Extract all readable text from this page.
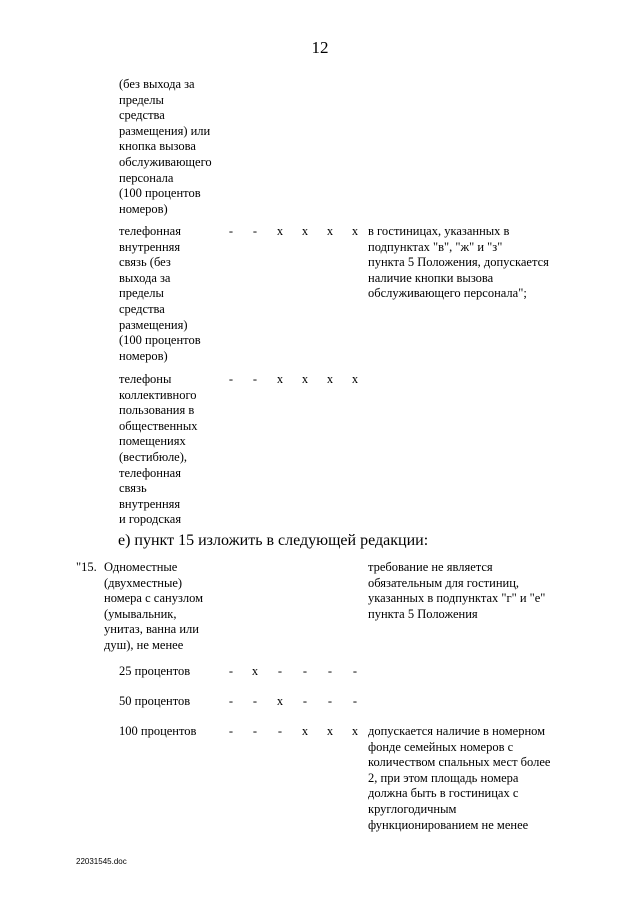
12
(без выхода за
пределы
средства
размещения) или
кнопка вызова
обслуживающего
персонала
(100 процентов
номеров)
телефонная
внутренняя
связь (без
выхода за
пределы
средства
размещения)
(100 процентов
номеров)
-	-	x x x x в гостиницах, указанных в
подпунктах "в", "ж" и "з"
пункта 5 Положения, допускается
наличие кнопки вызова
обслуживающего персонала";
телефоны
коллективного
пользования в
общественных
помещениях
(вестибюле),
телефонная
связь
внутренняя
и городская
-	-	x x x x
е) пункт 15 изложить в следующей редакции:
"15. Одноместные
(двухместные)
номера с санузлом
(умывальник,
унитаз, ванна или
душ), не менее
требование не является
обязательным для гостиниц,
указанных в подпунктах "г" и "е"
пункта 5 Положения
25 процентов	-	x	-	-	-	-
50 процентов	-	-	x	-	-	-
100 процентов	-	-	-	x x x допускается наличие в номерном
фонде семейных номеров с
количеством спальных мест более
2, при этом площадь номера
должна быть в гостиницах с
круглогодичным
функционированием не менее
22031545.doc
